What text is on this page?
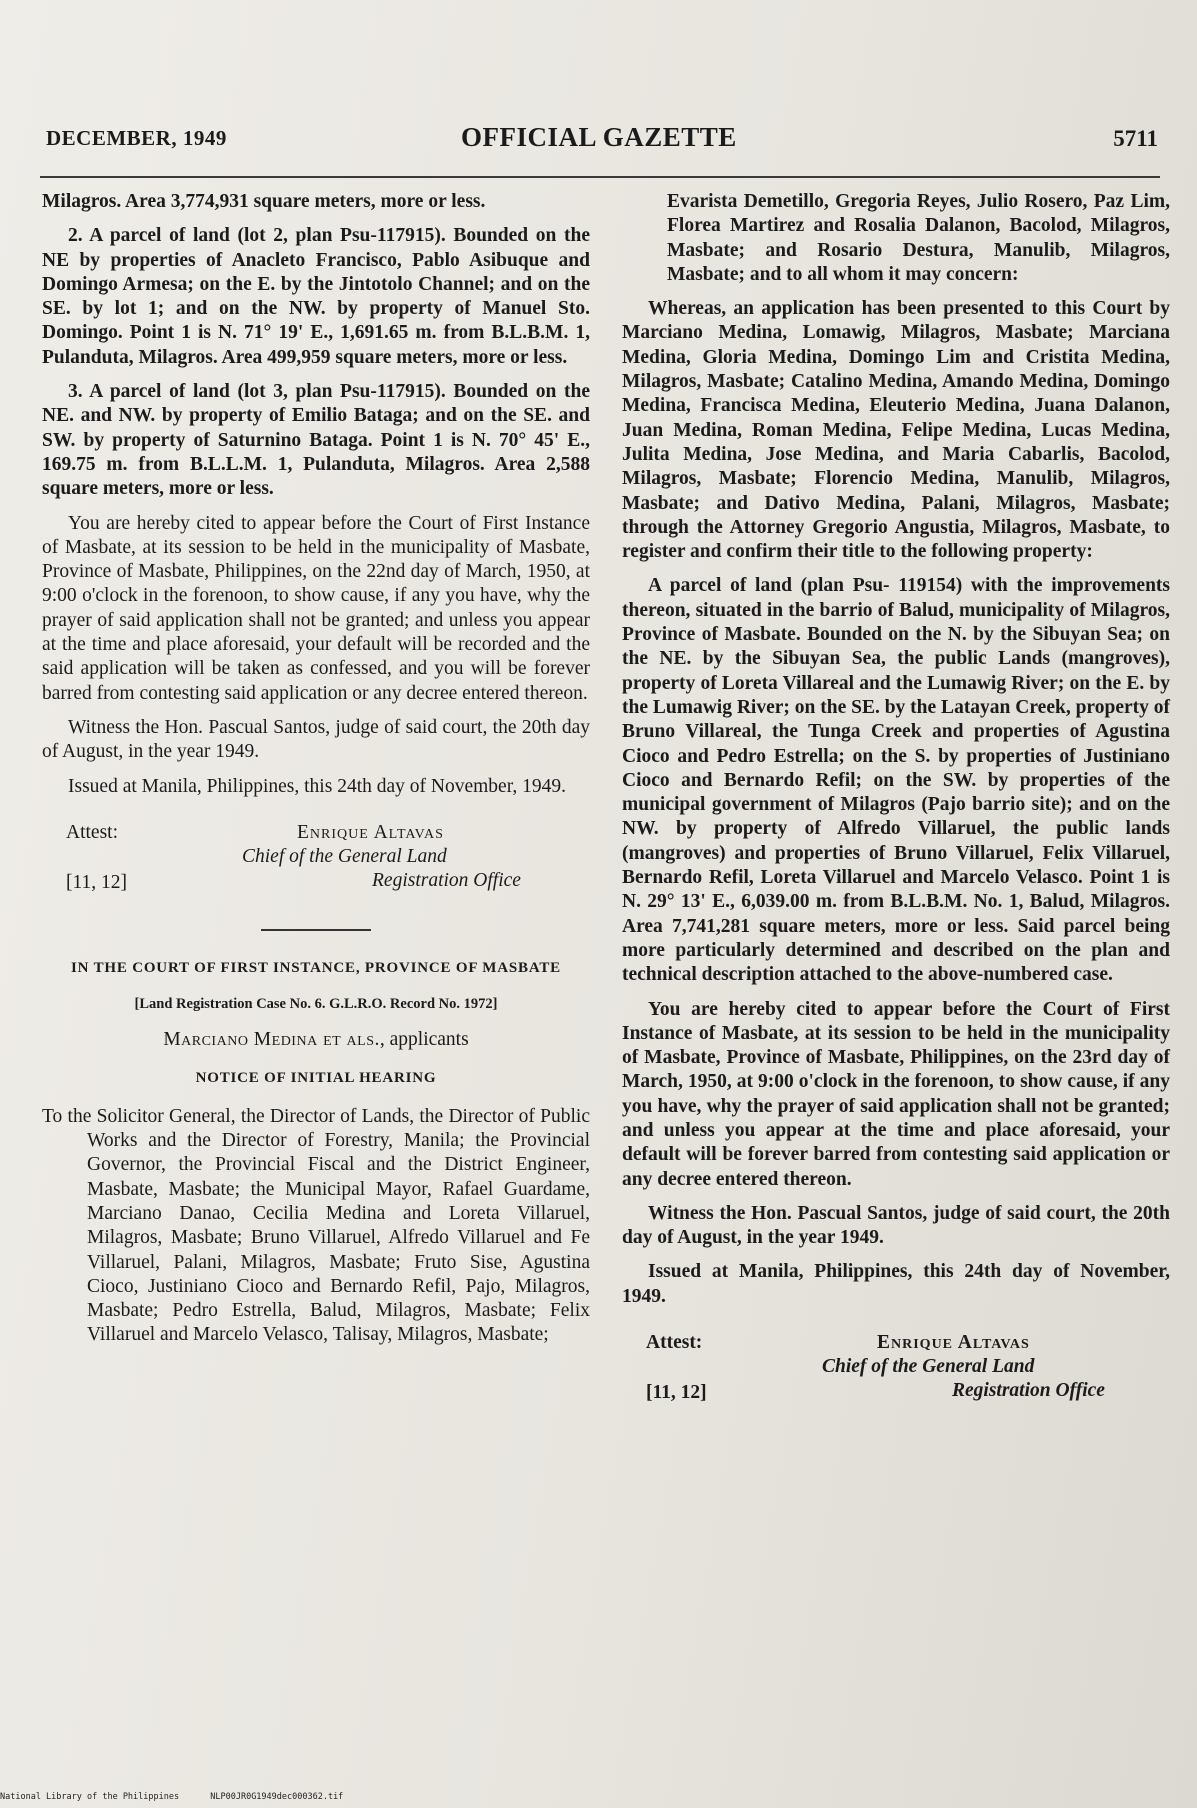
DECEMBER, 1949	OFFICIAL GAZETTE	5711

Milagros. Area 3,774,931 square meters, more or less.

2. A parcel of land (lot 2, plan Psu-117915). Bounded on the NE by properties of Anacleto Francisco, Pablo Asibuque and Domingo Armesa; on the E. by the Jintotolo Channel; and on the SE. by lot 1; and on the NW. by property of Manuel Sto. Domingo. Point 1 is N. 71° 19' E., 1,691.65 m. from B.L.B.M. 1, Pulanduta, Milagros. Area 499,959 square meters, more or less.

3. A parcel of land (lot 3, plan Psu-117915). Bounded on the NE. and NW. by property of Emilio Bataga; and on the SE. and SW. by property of Saturnino Bataga. Point 1 is N. 70° 45' E., 169.75 m. from B.L.L.M. 1, Pulanduta, Milagros. Area 2,588 square meters, more or less.

You are hereby cited to appear before the Court of First Instance of Masbate, at its session to be held in the municipality of Masbate, Province of Masbate, Philippines, on the 22nd day of March, 1950, at 9:00 o'clock in the forenoon, to show cause, if any you have, why the prayer of said application shall not be granted; and unless you appear at the time and place aforesaid, your default will be recorded and the said application will be taken as confessed, and you will be forever barred from contesting said application or any decree entered thereon.

Witness the Hon. Pascual Santos, judge of said court, the 20th day of August, in the year 1949.

Issued at Manila, Philippines, this 24th day of November, 1949.

Attest:	Enrique Altavas
Chief of the General Land
Registration Office
[11, 12]
IN THE COURT OF FIRST INSTANCE, PROVINCE OF MASBATE
[Land Registration Case No. 6. G.L.R.O. Record No. 1972]
Marciano Medina et als., applicants
NOTICE OF INITIAL HEARING
To the Solicitor General, the Director of Lands, the Director of Public Works and the Director of Forestry, Manila; the Provincial Governor, the Provincial Fiscal and the District Engineer, Masbate, Masbate; the Municipal Mayor, Rafael Guardame, Marciano Danao, Cecilia Medina and Loreta Villaruel, Milagros, Masbate; Bruno Villaruel, Alfredo Villaruel and Fe Villaruel, Palani, Milagros, Masbate; Fruto Sise, Agustina Cioco, Justiniano Cioco and Bernardo Refil, Pajo, Milagros, Masbate; Pedro Estrella, Balud, Milagros, Masbate; Felix Villaruel and Marcelo Velasco, Talisay, Milagros, Masbate;

Evarista Demetillo, Gregoria Reyes, Julio Rosero, Paz Lim, Florea Martirez and Rosalia Dalanon, Bacolod, Milagros, Masbate; and Rosario Destura, Manulib, Milagros, Masbate; and to all whom it may concern:

Whereas, an application has been presented to this Court by Marciano Medina, Lomawig, Milagros, Masbate; Marciana Medina, Gloria Medina, Domingo Lim and Cristita Medina, Milagros, Masbate; Catalino Medina, Amando Medina, Domingo Medina, Francisca Medina, Eleuterio Medina, Juana Dalanon, Juan Medina, Roman Medina, Felipe Medina, Lucas Medina, Julita Medina, Jose Medina, and Maria Cabarlis, Bacolod, Milagros, Masbate; Florencio Medina, Manulib, Milagros, Masbate; and Dativo Medina, Palani, Milagros, Masbate; through the Attorney Gregorio Angustia, Milagros, Masbate, to register and confirm their title to the following property:

A parcel of land (plan Psu- 119154) with the improvements thereon, situated in the barrio of Balud, municipality of Milagros, Province of Masbate. Bounded on the N. by the Sibuyan Sea; on the NE. by the Sibuyan Sea, the public Lands (mangroves), property of Loreta Villareal and the Lumawig River; on the E. by the Lumawig River; on the SE. by the Latayan Creek, property of Bruno Villareal, the Tunga Creek and properties of Agustina Cioco and Pedro Estrella; on the S. by properties of Justiniano Cioco and Bernardo Refil; on the SW. by properties of the municipal government of Milagros (Pajo barrio site); and on the NW. by property of Alfredo Villaruel, the public lands (mangroves) and properties of Bruno Villaruel, Felix Villaruel, Bernardo Refil, Loreta Villaruel and Marcelo Velasco. Point 1 is N. 29° 13' E., 6,039.00 m. from B.L.B.M. No. 1, Balud, Milagros. Area 7,741,281 square meters, more or less. Said parcel being more particularly determined and described on the plan and technical description attached to the above-numbered case.

You are hereby cited to appear before the Court of First Instance of Masbate, at its session to be held in the municipality of Masbate, Province of Masbate, Philippines, on the 23rd day of March, 1950, at 9:00 o'clock in the forenoon, to show cause, if any you have, why the prayer of said application shall not be granted; and unless you appear at the time and place aforesaid, your default will be forever barred from contesting said application or any decree entered thereon.

Witness the Hon. Pascual Santos, judge of said court, the 20th day of August, in the year 1949.

Issued at Manila, Philippines, this 24th day of November, 1949.

Attest:	Enrique Altavas
Chief of the General Land
Registration Office
[11, 12]
National Library of the Philippines	NLP00JR0G1949dec000362.tif
